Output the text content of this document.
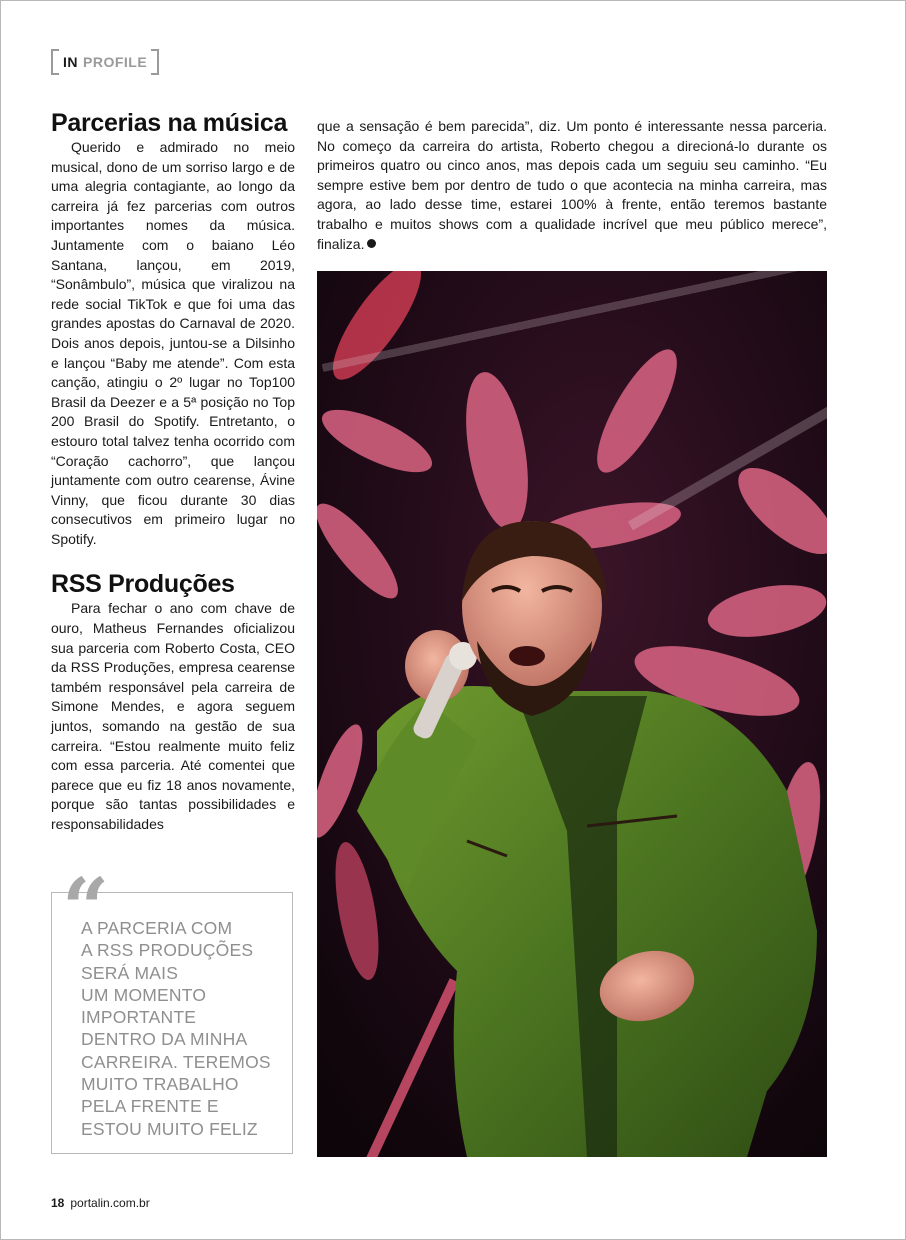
IN PROFILE
Parcerias na música

Querido e admirado no meio musical, dono de um sorriso largo e de uma alegria contagiante, ao longo da carreira já fez parcerias com outros importantes nomes da música. Juntamente com o baiano Léo Santana, lançou, em 2019, “Sonâmbulo”, música que viralizou na rede social TikTok e que foi uma das grandes apostas do Carnaval de 2020. Dois anos depois, juntou-se a Dilsinho e lançou “Baby me atende”. Com esta canção, atingiu o 2º lugar no Top100 Brasil da Deezer e a 5ª posição no Top 200 Brasil do Spotify. Entretanto, o estouro total talvez tenha ocorrido com “Coração cachorro”, que lançou juntamente com outro cearense, Ávine Vinny, que ficou durante 30 dias consecutivos em primeiro lugar no Spotify.

RSS Produções

Para fechar o ano com chave de ouro, Matheus Fernandes oficializou sua parceria com Roberto Costa, CEO da RSS Produções, empresa cearense também responsável pela carreira de Simone Mendes, e agora seguem juntos, somando na gestão de sua carreira. “Estou realmente muito feliz com essa parceria. Até comentei que parece que eu fiz 18 anos novamente, porque são tantas possibilidades e responsabilidades

“
A PARCERIA COM
A RSS PRODUÇÕES
SERÁ MAIS
UM MOMENTO
IMPORTANTE
DENTRO DA MINHA
CARREIRA. TEREMOS
MUITO TRABALHO
PELA FRENTE E
ESTOU MUITO FELIZ

que a sensação é bem parecida”, diz. Um ponto é interessante nessa parceria. No começo da carreira do artista, Roberto chegou a direcioná-lo durante os primeiros quatro ou cinco anos, mas depois cada um seguiu seu caminho. “Eu sempre estive bem por dentro de tudo o que acontecia na minha carreira, mas agora, ao lado desse time, estarei 100% à frente, então teremos bastante trabalho e muitos shows com a qualidade incrível que meu público merece”, finaliza.

18 portalin.com.br
